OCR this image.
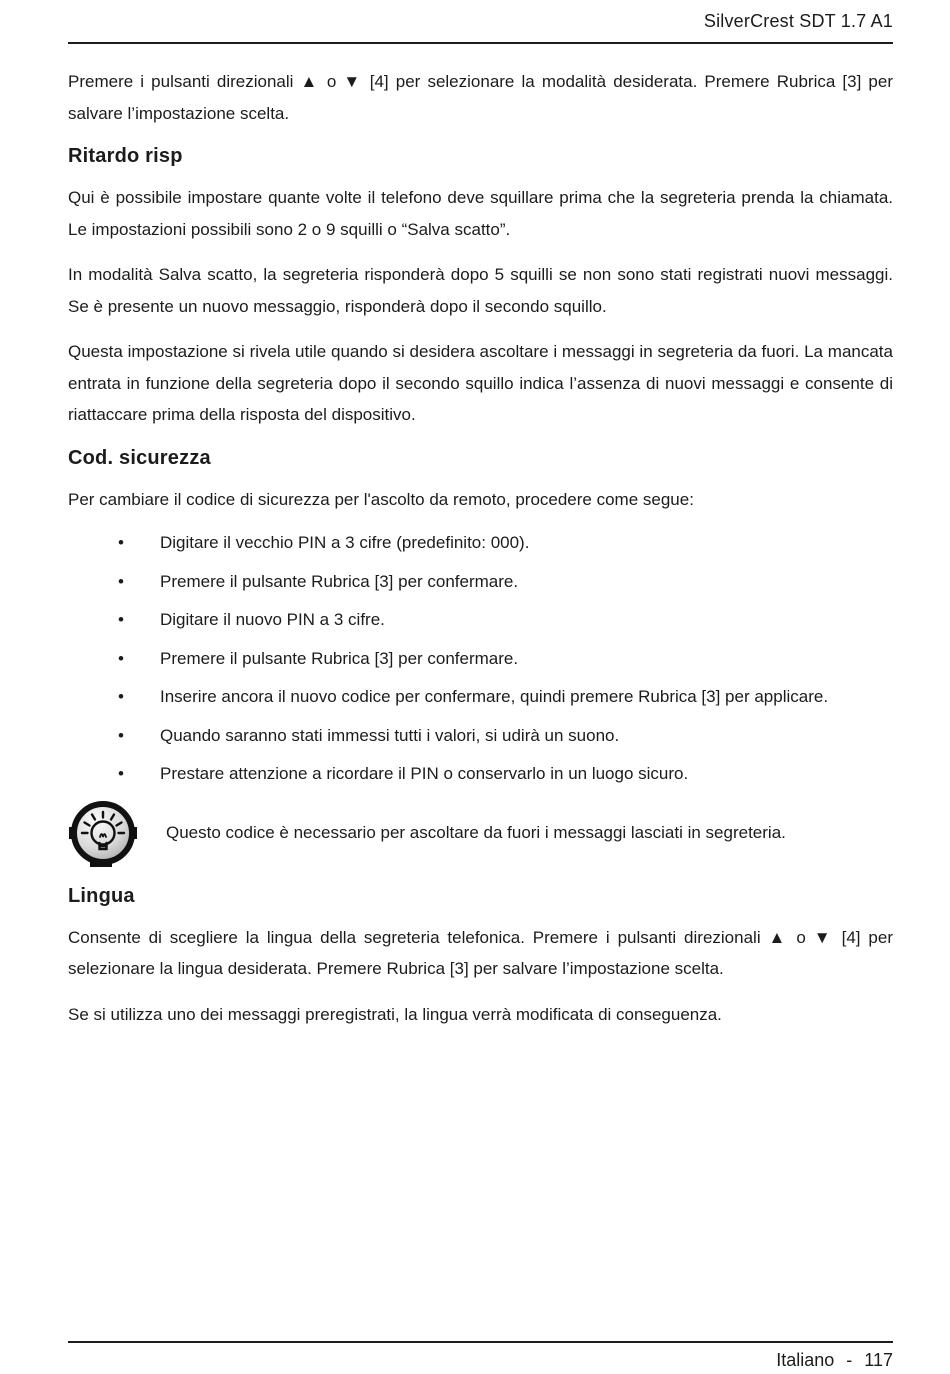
SilverCrest SDT 1.7 A1

Premere i pulsanti direzionali ▲ o ▼ [4] per selezionare la modalità desiderata. Premere Rubrica [3] per salvare l’impostazione scelta.

Ritardo risp

Qui è possibile impostare quante volte il telefono deve squillare prima che la segreteria prenda la chiamata. Le impostazioni possibili sono 2 o 9 squilli o “Salva scatto”.

In modalità Salva scatto, la segreteria risponderà dopo 5 squilli se non sono stati registrati nuovi messaggi. Se è presente un nuovo messaggio, risponderà dopo il secondo squillo.

Questa impostazione si rivela utile quando si desidera ascoltare i messaggi in segreteria da fuori. La mancata entrata in funzione della segreteria dopo il secondo squillo indica l’assenza di nuovi messaggi e consente di riattaccare prima della risposta del dispositivo.

Cod. sicurezza

Per cambiare il codice di sicurezza per l'ascolto da remoto, procedere come segue:

• Digitare il vecchio PIN a 3 cifre (predefinito: 000).
• Premere il pulsante Rubrica [3] per confermare.
• Digitare il nuovo PIN a 3 cifre.
• Premere il pulsante Rubrica [3] per confermare.
• Inserire ancora il nuovo codice per confermare, quindi premere Rubrica [3] per applicare.
• Quando saranno stati immessi tutti i valori, si udirà un suono.
• Prestare attenzione a ricordare il PIN o conservarlo in un luogo sicuro.
Questo codice è necessario per ascoltare da fuori i messaggi lasciati in segreteria.
Lingua

Consente di scegliere la lingua della segreteria telefonica. Premere i pulsanti direzionali ▲ o ▼ [4] per selezionare la lingua desiderata. Premere Rubrica [3] per salvare l’impostazione scelta.

Se si utilizza uno dei messaggi preregistrati, la lingua verrà modificata di conseguenza.

Italiano - 117
